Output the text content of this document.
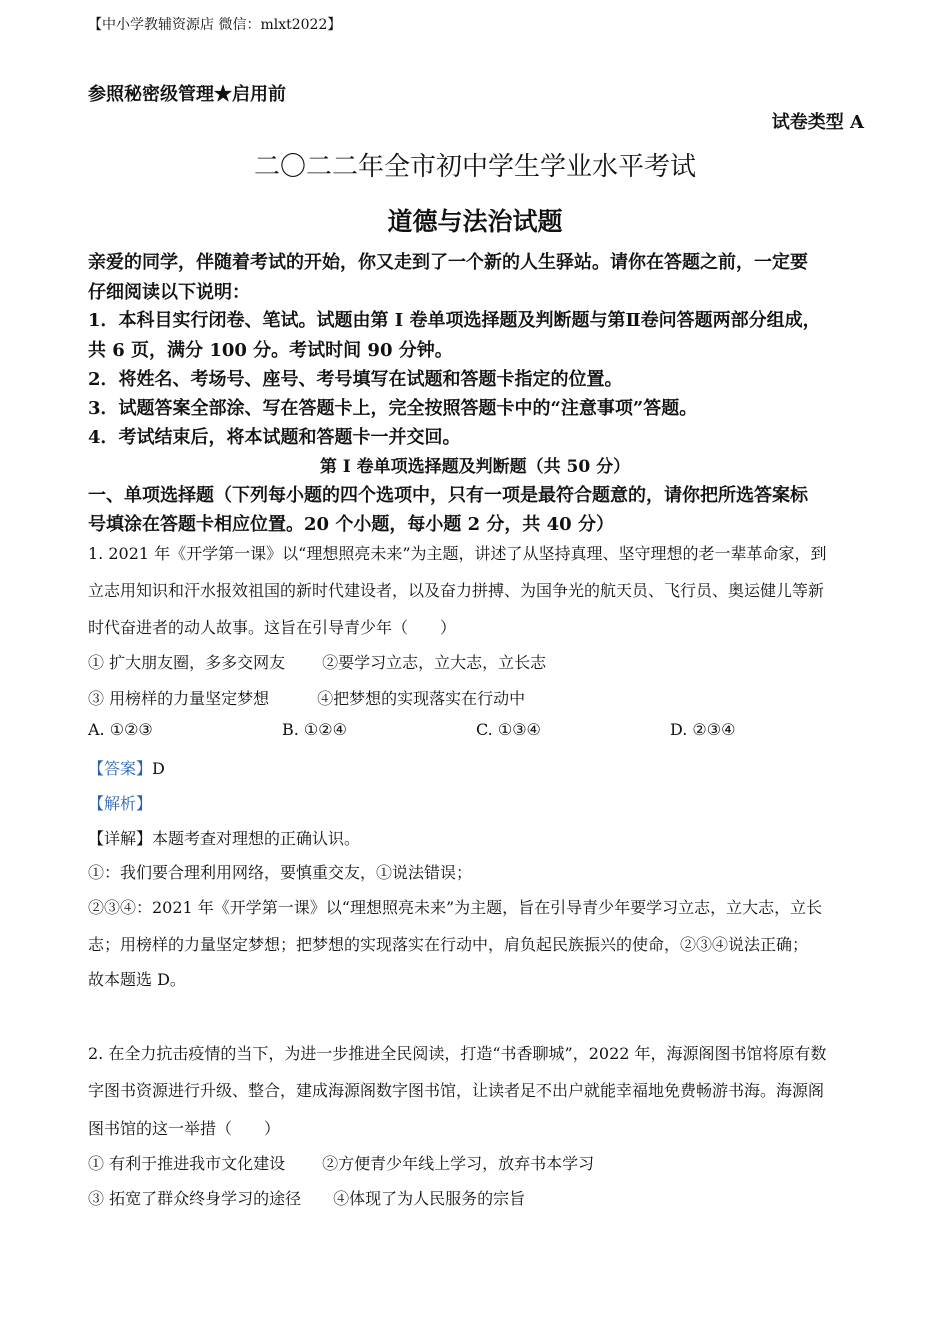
【中小学教辅资源店 微信：mlxt2022】
参照秘密级管理★启用前
试卷类型 A
二〇二二年全市初中学生学业水平考试
道德与法治试题
亲爱的同学，伴随着考试的开始，你又走到了一个新的人生驿站。请你在答题之前，一定要
仔细阅读以下说明：
1．本科目实行闭卷、笔试。试题由第 I 卷单项选择题及判断题与第Ⅱ卷问答题两部分组成，
共 6 页，满分 100 分。考试时间 90 分钟。
2．将姓名、考场号、座号、考号填写在试题和答题卡指定的位置。
3．试题答案全部涂、写在答题卡上，完全按照答题卡中的“注意事项”答题。
4．考试结束后，将本试题和答题卡一并交回。
第 I 卷单项选择题及判断题（共 50 分）
一、单项选择题（下列每小题的四个选项中，只有一项是最符合题意的，请你把所选答案标
号填涂在答题卡相应位置。20 个小题，每小题 2 分，共 40 分）
1. 2021 年《开学第一课》以“理想照亮未来”为主题，讲述了从坚持真理、坚守理想的老一辈革命家，到
立志用知识和汗水报效祖国的新时代建设者，以及奋力拼搏、为国争光的航天员、飞行员、奥运健儿等新
时代奋进者的动人故事。这旨在引导青少年（　　）
① 扩大朋友圈，多多交网友　　 ②要学习立志，立大志，立长志
③ 用榜样的力量坚定梦想　　　④把梦想的实现落实在行动中
A. ①②③	B. ①②④	C. ①③④	D. ②③④
【答案】D
【解析】
【详解】本题考查对理想的正确认识。
①：我们要合理利用网络，要慎重交友，①说法错误；
②③④：2021 年《开学第一课》以“理想照亮未来”为主题，旨在引导青少年要学习立志，立大志，立长
志；用榜样的力量坚定梦想；把梦想的实现落实在行动中，肩负起民族振兴的使命，②③④说法正确；
故本题选 D。
2. 在全力抗击疫情的当下，为进一步推进全民阅读，打造“书香聊城”，2022 年，海源阁图书馆将原有数
字图书资源进行升级、整合，建成海源阁数字图书馆，让读者足不出户就能幸福地免费畅游书海。海源阁
图书馆的这一举措（　　）
① 有利于推进我市文化建设　　 ②方便青少年线上学习，放弃书本学习
③ 拓宽了群众终身学习的途径　　④体现了为人民服务的宗旨
